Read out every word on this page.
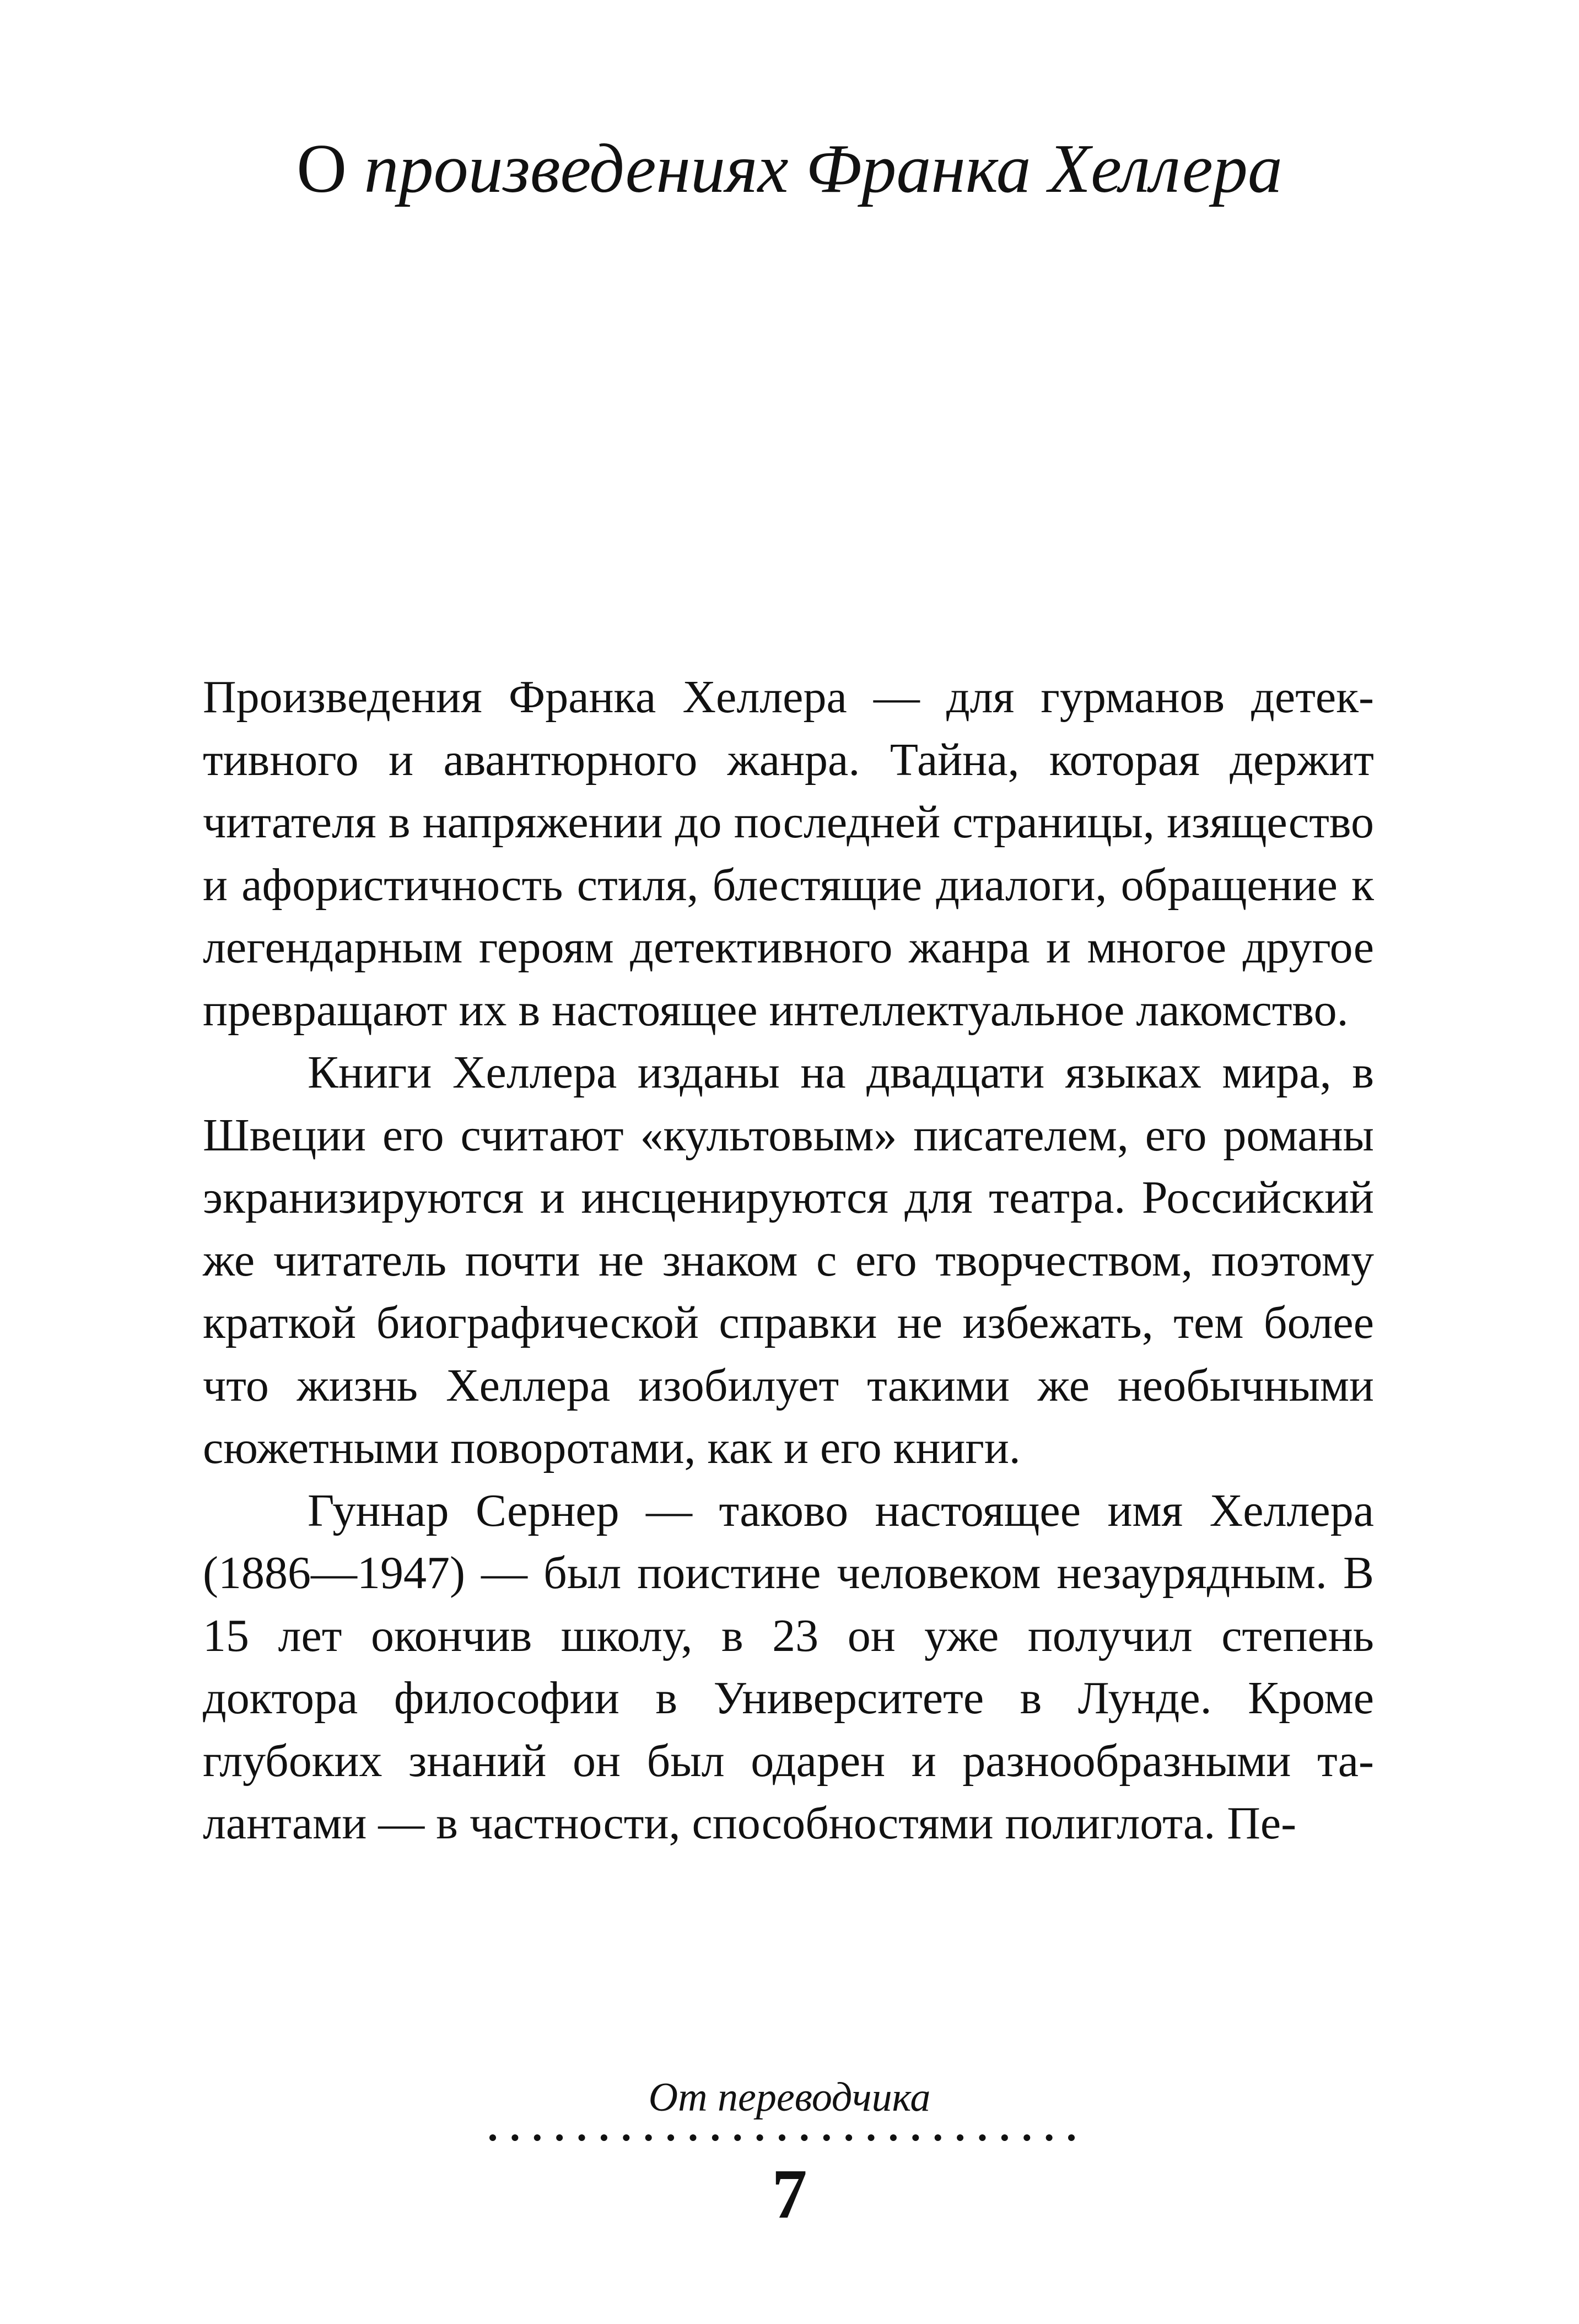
О произведениях Франка Хеллера

Произведения Франка Хеллера — для гурманов детективного и авантюрного жанра. Тайна, которая держит читателя в напряжении до последней страницы, изящество и афористичность стиля, блестящие диалоги, обращение к легендарным героям детективного жанра и многое другое превращают их в настоящее интеллектуальное лакомство.

Книги Хеллера изданы на двадцати языках мира, в Швеции его считают «культовым» писателем, его романы экранизируются и инсценируются для театра. Российский же читатель почти не знаком с его творчеством, поэтому краткой биографической справки не избежать, тем более что жизнь Хеллера изобилует такими же необычными сюжетными поворотами, как и его книги.

Гуннар Сернер — таково настоящее имя Хеллера (1886—1947) — был поистине человеком незаурядным. В 15 лет окончив школу, в 23 он уже получил степень доктора философии в Университете в Лунде. Кроме глубоких знаний он был одарен и разнообразными талантами — в частности, способностями полиглота. Пе-

От переводчика
7
